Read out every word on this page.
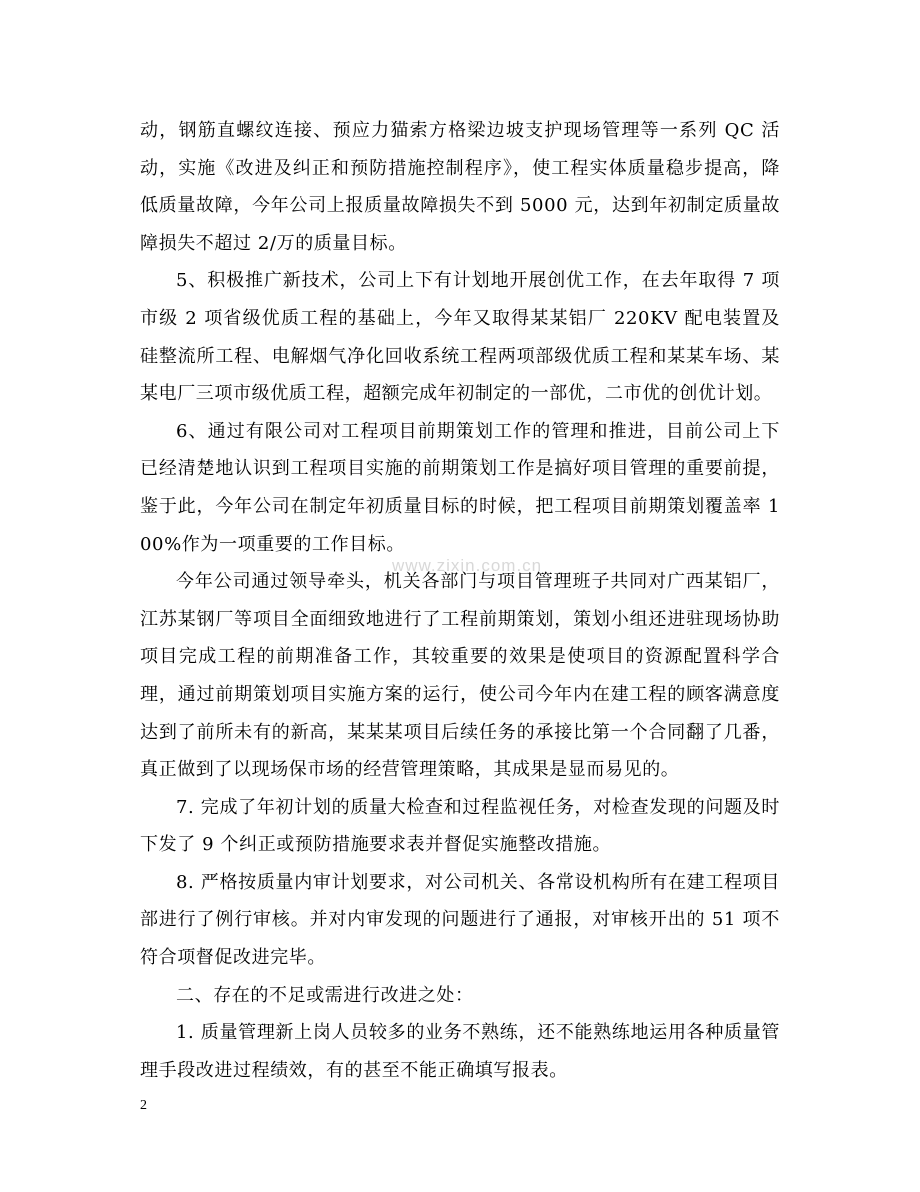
动，钢筋直螺纹连接、预应力猫索方格梁边坡支护现场管理等一系列 QC 活动，实施《改进及纠正和预防措施控制程序》，使工程实体质量稳步提高，降低质量故障，今年公司上报质量故障损失不到 5000 元，达到年初制定质量故障损失不超过 2/万的质量目标。

5、积极推广新技术，公司上下有计划地开展创优工作，在去年取得 7 项市级 2 项省级优质工程的基础上，今年又取得某某铝厂 220KV 配电装置及硅整流所工程、电解烟气净化回收系统工程两项部级优质工程和某某车场、某某电厂三项市级优质工程，超额完成年初制定的一部优，二市优的创优计划。

6、通过有限公司对工程项目前期策划工作的管理和推进，目前公司上下已经清楚地认识到工程项目实施的前期策划工作是搞好项目管理的重要前提，鉴于此，今年公司在制定年初质量目标的时候，把工程项目前期策划覆盖率 100%作为一项重要的工作目标。

今年公司通过领导牵头，机关各部门与项目管理班子共同对广西某铝厂，江苏某钢厂等项目全面细致地进行了工程前期策划，策划小组还进驻现场协助项目完成工程的前期准备工作，其较重要的效果是使项目的资源配置科学合理，通过前期策划项目实施方案的运行，使公司今年内在建工程的顾客满意度达到了前所未有的新高，某某某项目后续任务的承接比第一个合同翻了几番，真正做到了以现场保市场的经营管理策略，其成果是显而易见的。

7. 完成了年初计划的质量大检查和过程监视任务，对检查发现的问题及时下发了 9 个纠正或预防措施要求表并督促实施整改措施。

8. 严格按质量内审计划要求，对公司机关、各常设机构所有在建工程项目部进行了例行审核。并对内审发现的问题进行了通报，对审核开出的 51 项不符合项督促改进完毕。

二、存在的不足或需进行改进之处：

1. 质量管理新上岗人员较多的业务不熟练，还不能熟练地运用各种质量管理手段改进过程绩效，有的甚至不能正确填写报表。

www.zixin.com.cn
2
